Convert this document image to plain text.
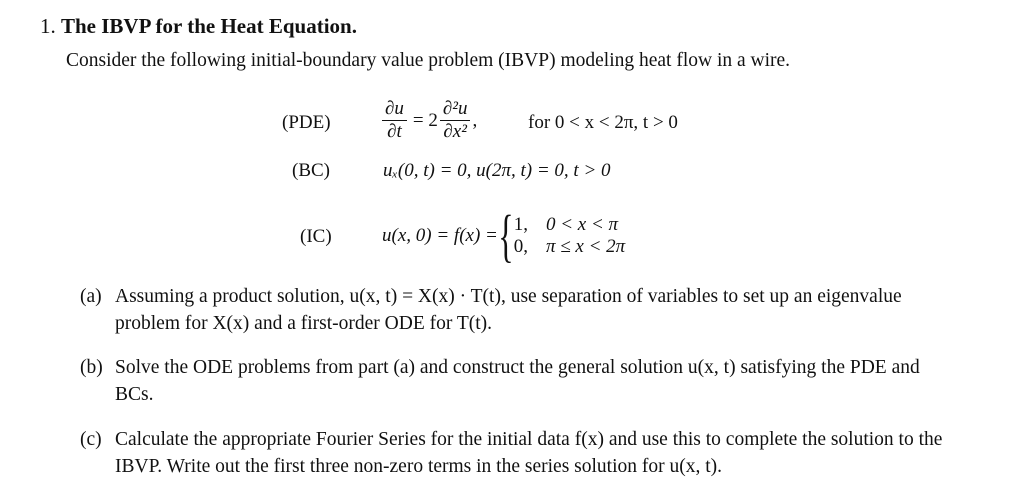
1. The IBVP for the Heat Equation.
Consider the following initial-boundary value problem (IBVP) modeling heat flow in a wire.
(PDE)	$\frac{\partial u}{\partial t} = 2 \frac{\text{∂²u}}{\text{∂x²}}$ ,	for 0 < x < 2π, t > 0
(BC)	uₓ(0, t) = 0, u(2π, t) = 0, t > 0
(IC)	u(x, 0) = f(x) = { 1, 0 < x < π
0, π ≤ x < 2π
(a) Assuming a product solution, u(x, t) = X(x) · T(t), use separation of variables to set up an eigenvalue problem for X(x) and a first-order ODE for T(t).
(b) Solve the ODE problems from part (a) and construct the general solution u(x, t) satisfying the PDE and BCs.
(c) Calculate the appropriate Fourier Series for the initial data f(x) and use this to complete the solution to the IBVP. Write out the first three non-zero terms in the series solution for u(x, t).
